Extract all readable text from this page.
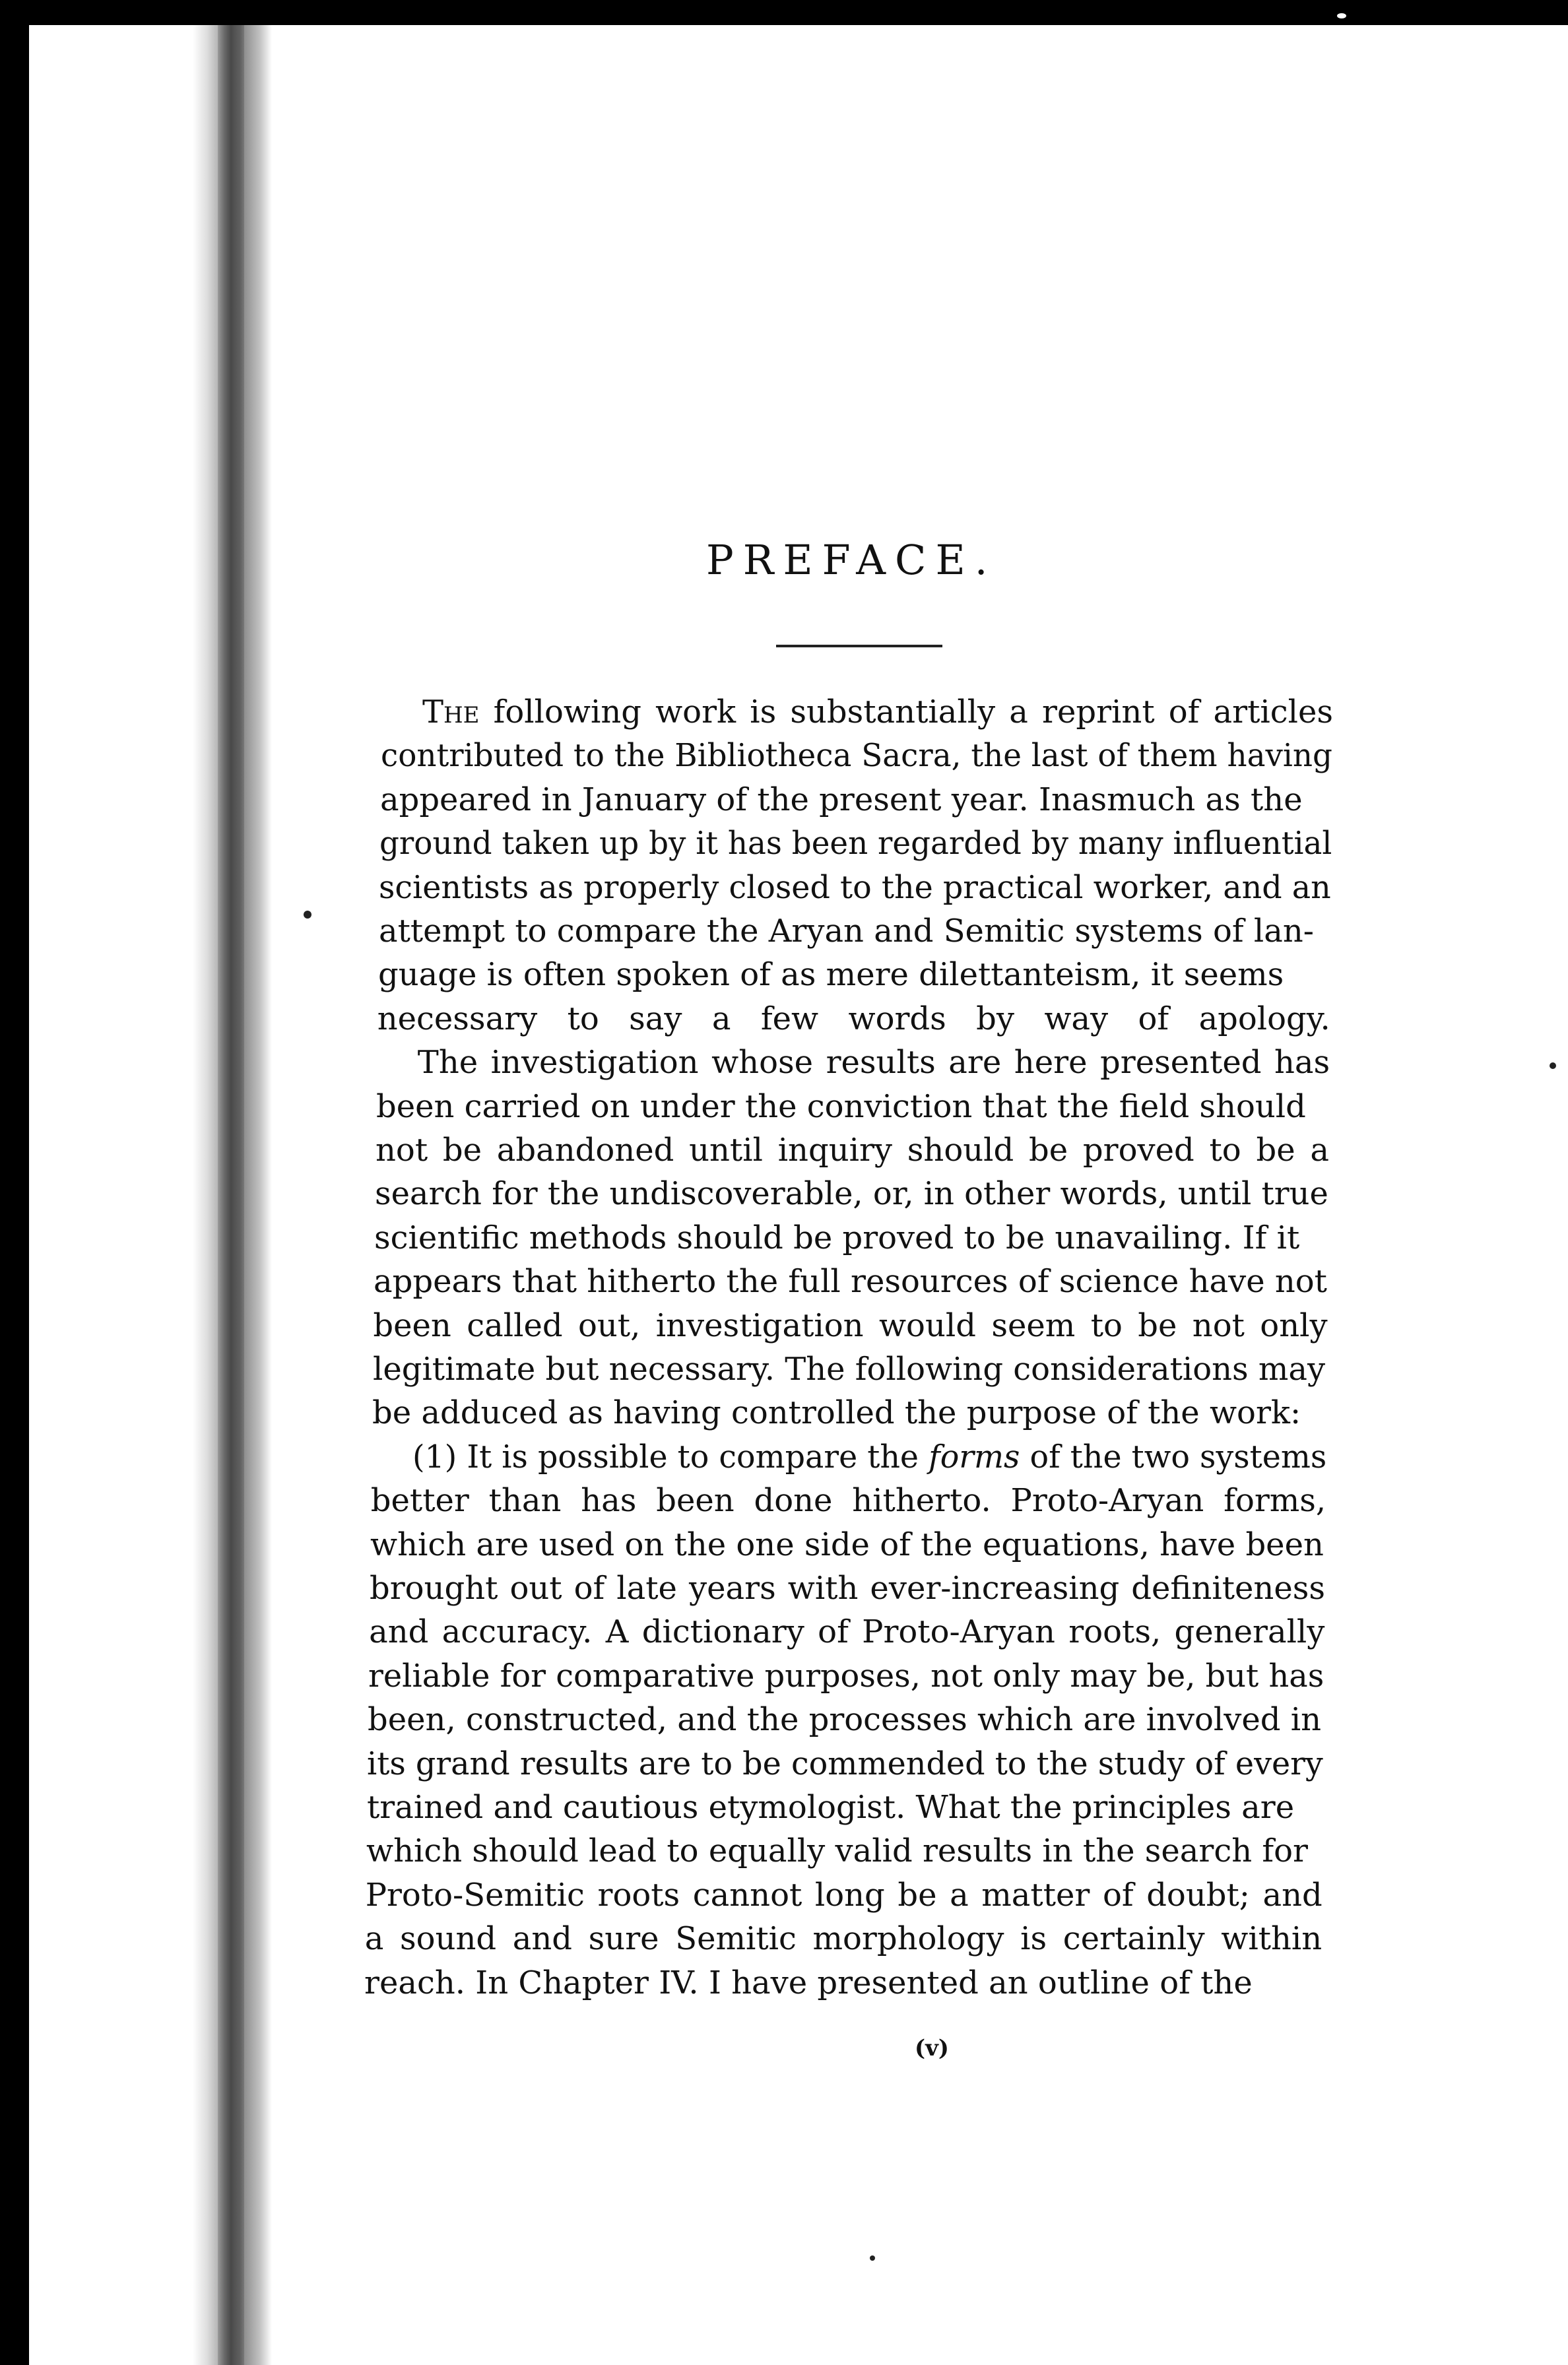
PREFACE.
The following work is substantially a reprint of articles
contributed to the Bibliotheca Sacra, the last of them having
appeared in January of the present year. Inasmuch as the
ground taken up by it has been regarded by many influential
scientists as properly closed to the practical worker, and an
attempt to compare the Aryan and Semitic systems of lan-
guage is often spoken of as mere dilettanteism, it seems
necessary to say a few words by way of apology.
The investigation whose results are here presented has
been carried on under the conviction that the field should
not be abandoned until inquiry should be proved to be a
search for the undiscoverable, or, in other words, until true
scientific methods should be proved to be unavailing. If it
appears that hitherto the full resources of science have not
been called out, investigation would seem to be not only
legitimate but necessary. The following considerations may
be adduced as having controlled the purpose of the work:
(1) It is possible to compare the forms of the two systems
better than has been done hitherto. Proto-Aryan forms,
which are used on the one side of the equations, have been
brought out of late years with ever-increasing definiteness
and accuracy. A dictionary of Proto-Aryan roots, generally
reliable for comparative purposes, not only may be, but has
been, constructed, and the processes which are involved in
its grand results are to be commended to the study of every
trained and cautious etymologist. What the principles are
which should lead to equally valid results in the search for
Proto-Semitic roots cannot long be a matter of doubt; and
a sound and sure Semitic morphology is certainly within
reach. In Chapter IV. I have presented an outline of the
(v)
